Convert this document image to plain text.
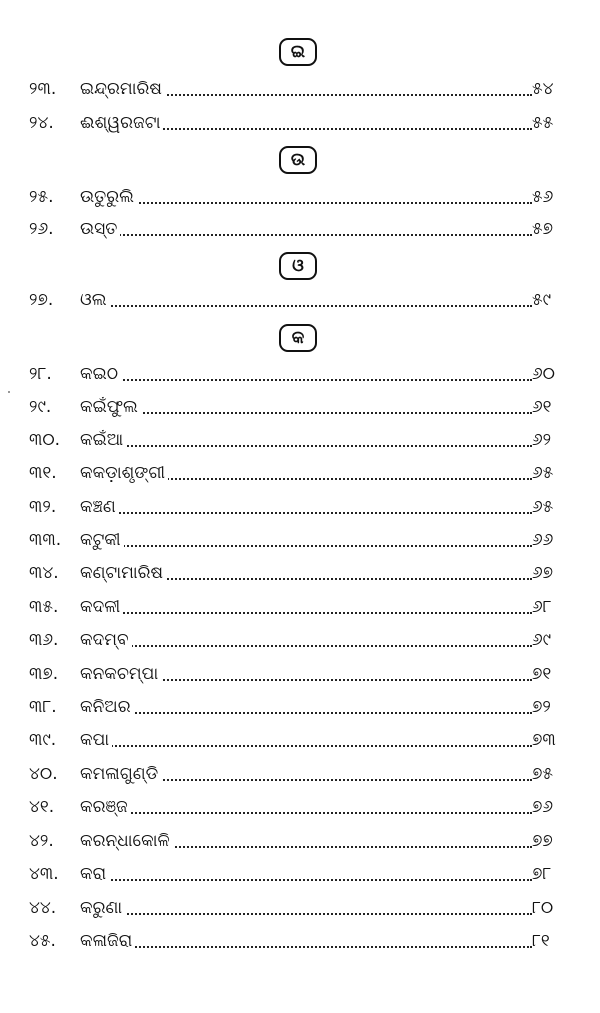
ଇ
୨୩.	ଇନ୍ଦ୍ରମାରିଷ	୫୪
୨୪.	ଈଶ୍ୱରଜଟା	୫୫
ଉ
୨୫.	ଉତୁରୁଲି	୫୬
୨୬.	ଉସ୍ତ	୫୭
ଓ
୨୭.	ଓଲ	୫୯
କ
୨୮.	କଇଠ	୬୦
୨୯.	କଇଁଫୁଲ	୬୧
୩୦.	କଇଁଆ	୬୨
୩୧.	କକଡ଼ାଶୃଙ୍ଗୀ	୬୫
୩୨.	କଞ୍ଚଣ	୬୫
୩୩.	କଟୁକୀ	୬୬
୩୪.	କଣ୍ଟାମାରିଷ	୬୭
୩୫.	କଦଳୀ	୬୮
୩୬.	କଦମ୍ବ	୬୯
୩୭.	କନକଚମ୍ପା	୭୧
୩୮.	କନିଅର	୭୨
୩୯.	କପା	୭୩
୪୦.	କମଳାଗୁଣ୍ଡି	୭୫
୪୧.	କରଞ୍ଜ	୭୬
୪୨.	କରନ୍ଧାକୋଳି	୭୭
୪୩.	କରା	୭୮
୪୪.	କରୁଣା	୮୦
୪୫.	କଳାଜିରା	୮୧
